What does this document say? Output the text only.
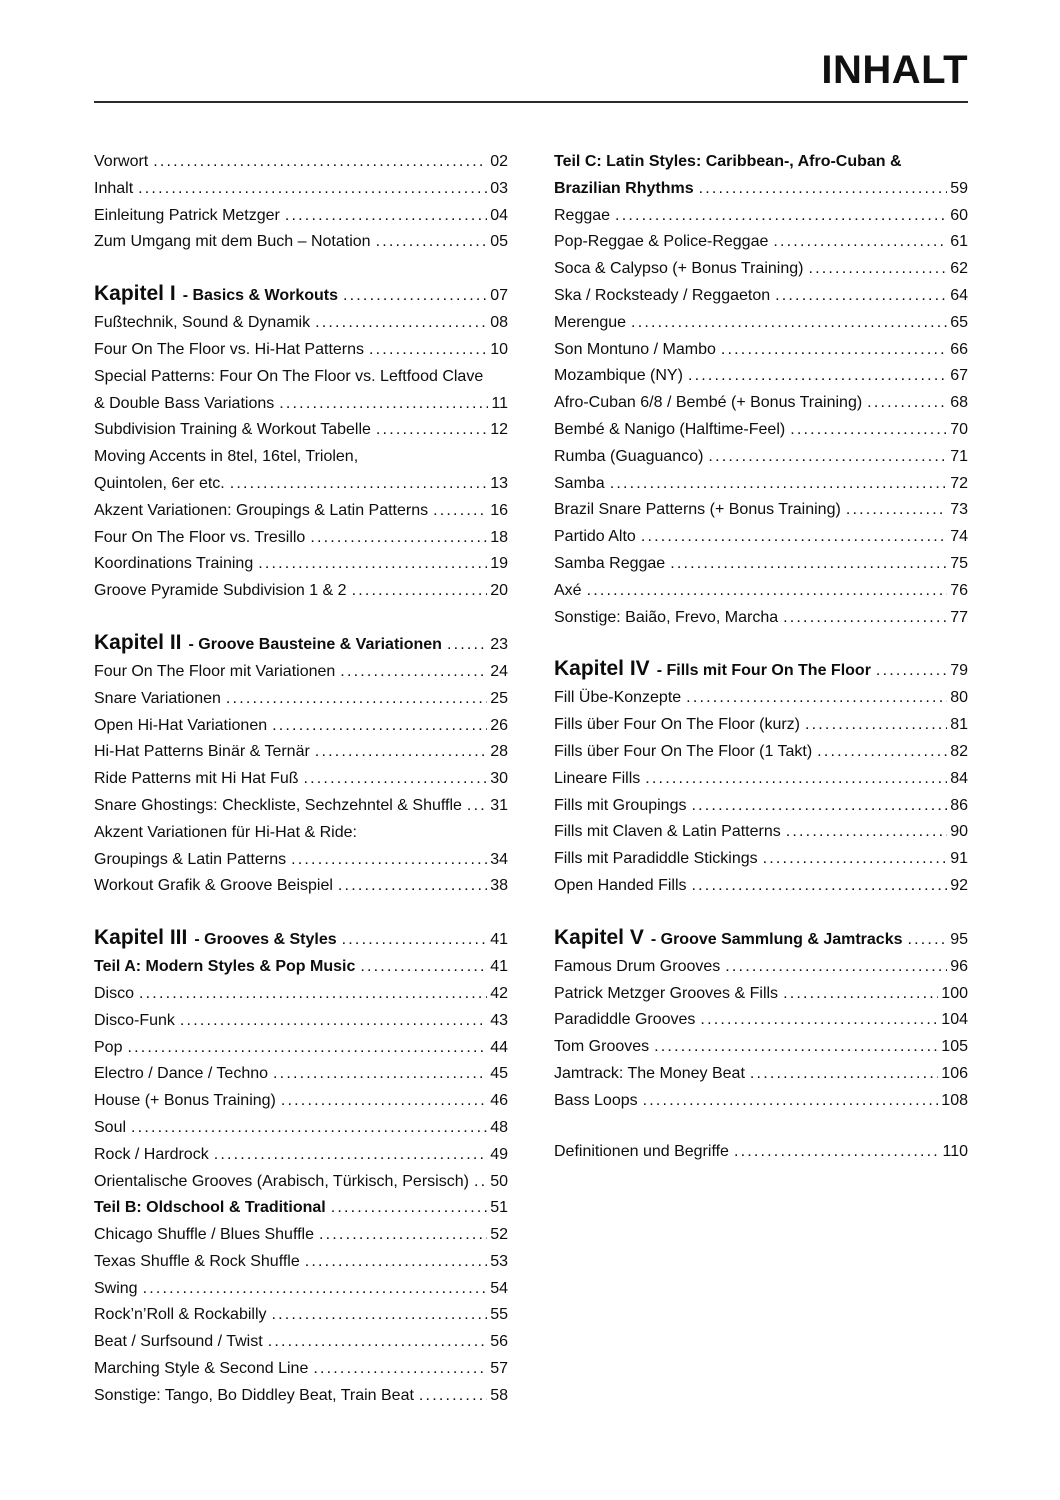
INHALT
Vorwort .....	02
Inhalt .....	03
Einleitung Patrick Metzger .....	04
Zum Umgang mit dem Buch – Notation .....	05
Kapitel I - Basics & Workouts .....	07
Fußtechnik, Sound & Dynamik .....	08
Four On The Floor vs. Hi-Hat Patterns .....	10
Special Patterns: Four On The Floor vs. Leftfood Clave
& Double Bass Variations .....	11
Subdivision Training & Workout Tabelle .....	12
Moving Accents in 8tel, 16tel, Triolen,
Quintolen, 6er etc. .....	13
Akzent Variationen: Groupings & Latin Patterns .....	16
Four On The Floor vs. Tresillo .....	18
Koordinations Training .....	19
Groove Pyramide Subdivision 1 & 2 .....	20
Kapitel II - Groove Bausteine & Variationen .....	23
Four On The Floor mit Variationen .....	24
Snare Variationen .....	25
Open Hi-Hat Variationen .....	26
Hi-Hat Patterns Binär & Ternär .....	28
Ride Patterns mit Hi Hat Fuß .....	30
Snare Ghostings: Checkliste, Sechzehntel & Shuffle ..... 31
Akzent Variationen für Hi-Hat & Ride:
Groupings & Latin Patterns .....	34
Workout Grafik & Groove Beispiel .....	38
Kapitel III - Grooves & Styles .....	41
Teil A: Modern Styles & Pop Music .....	41
Disco .....	42
Disco-Funk .....	43
Pop .....	44
Electro / Dance / Techno .....	45
House (+ Bonus Training) .....	46
Soul .....	48
Rock / Hardrock .....	49
Orientalische Grooves (Arabisch, Türkisch, Persisch) ..... 50
Teil B: Oldschool & Traditional .....	51
Chicago Shuffle / Blues Shuffle .....	52
Texas Shuffle & Rock Shuffle .....	53
Swing .....	54
Rock’n’Roll & Rockabilly .....	55
Beat / Surfsound / Twist .....	56
Marching Style & Second Line .....	57
Sonstige: Tango, Bo Diddley Beat, Train Beat .....	58
Teil C: Latin Styles: Caribbean-, Afro-Cuban &
Brazilian Rhythms .....	59
Reggae .....	60
Pop-Reggae & Police-Reggae .....	61
Soca & Calypso (+ Bonus Training) .....	62
Ska / Rocksteady / Reggaeton .....	64
Merengue .....	65
Son Montuno / Mambo .....	66
Mozambique (NY) .....	67
Afro-Cuban 6/8 / Bembé (+ Bonus Training) .....	68
Bembé & Nanigo (Halftime-Feel) .....	70
Rumba (Guaguanco) .....	71
Samba .....	72
Brazil Snare Patterns (+ Bonus Training) .....	73
Partido Alto .....	74
Samba Reggae .....	75
Axé .....	76
Sonstige: Baião, Frevo, Marcha .....	77
Kapitel IV - Fills mit Four On The Floor .....	79
Fill Übe-Konzepte .....	80
Fills über Four On The Floor (kurz) .....	81
Fills über Four On The Floor (1 Takt) .....	82
Lineare Fills .....	84
Fills mit Groupings .....	86
Fills mit Claven & Latin Patterns .....	90
Fills mit Paradiddle Stickings .....	91
Open Handed Fills .....	92
Kapitel V - Groove Sammlung & Jamtracks .....	95
Famous Drum Grooves .....	96
Patrick Metzger Grooves & Fills .....	100
Paradiddle Grooves .....	104
Tom Grooves .....	105
Jamtrack: The Money Beat .....	106
Bass Loops .....	108
Definitionen und Begriffe .....	110
